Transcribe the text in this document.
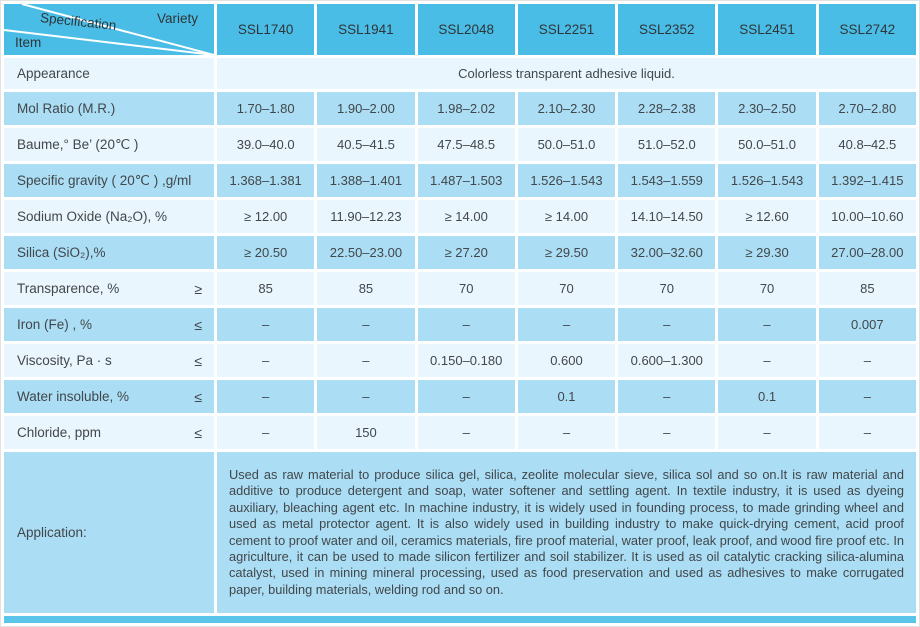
Specification	Variety
Item
SSL1740	SSL1941	SSL2048	SSL2251	SSL2352	SSL2451	SSL2742
Appearance	Colorless transparent adhesive liquid.
Mol Ratio (M.R.)	1.70–1.80	1.90–2.00	1.98–2.02	2.10–2.30	2.28–2.38	2.30–2.50	2.70–2.80
Baume,° Be’ (20℃ )	39.0–40.0	40.5–41.5	47.5–48.5	50.0–51.0	51.0–52.0	50.0–51.0	40.8–42.5
Specific gravity ( 20℃ ) ,g/ml	1.368–1.381	1.388–1.401	1.487–1.503	1.526–1.543	1.543–1.559	1.526–1.543	1.392–1.415
Sodium Oxide (Na₂O), %	≥ 12.00	11.90–12.23	≥ 14.00	≥ 14.00	14.10–14.50	≥ 12.60	10.00–10.60
Silica (SiO₂),%	≥ 20.50	22.50–23.00	≥ 27.20	≥ 29.50	32.00–32.60	≥ 29.30	27.00–28.00
Transparence, %	≥	85	85	70	70	70	70	85
Iron (Fe) , %	≤	–	–	–	–	–	–	0.007
Viscosity, Pa · s	≤	–	–	0.150–0.180	0.600	0.600–1.300	–	–
Water insoluble, %	≤	–	–	–	0.1	–	0.1	–
Chloride, ppm	≤	–	150	–	–	–	–	–
Application:

Used as raw material to produce silica gel, silica, zeolite molecular sieve, silica sol and so on.It is raw material and additive to produce detergent and soap, water softener and settling agent. In textile industry, it is used as dyeing auxiliary, bleaching agent etc. In machine industry, it is widely used in founding process, to made grinding wheel and used as metal protector agent. It is also widely used in building industry to make quick-drying cement, acid proof cement to proof water and oil, ceramics materials, fire proof material, water proof, leak proof, and wood fire proof etc. In agriculture, it can be used to made silicon fertilizer and soil stabilizer. It is used as oil catalytic cracking silica-alumina catalyst, used in mining mineral processing, used as food preservation and used as adhesives to make corrugated paper, building materials, welding rod and so on.
